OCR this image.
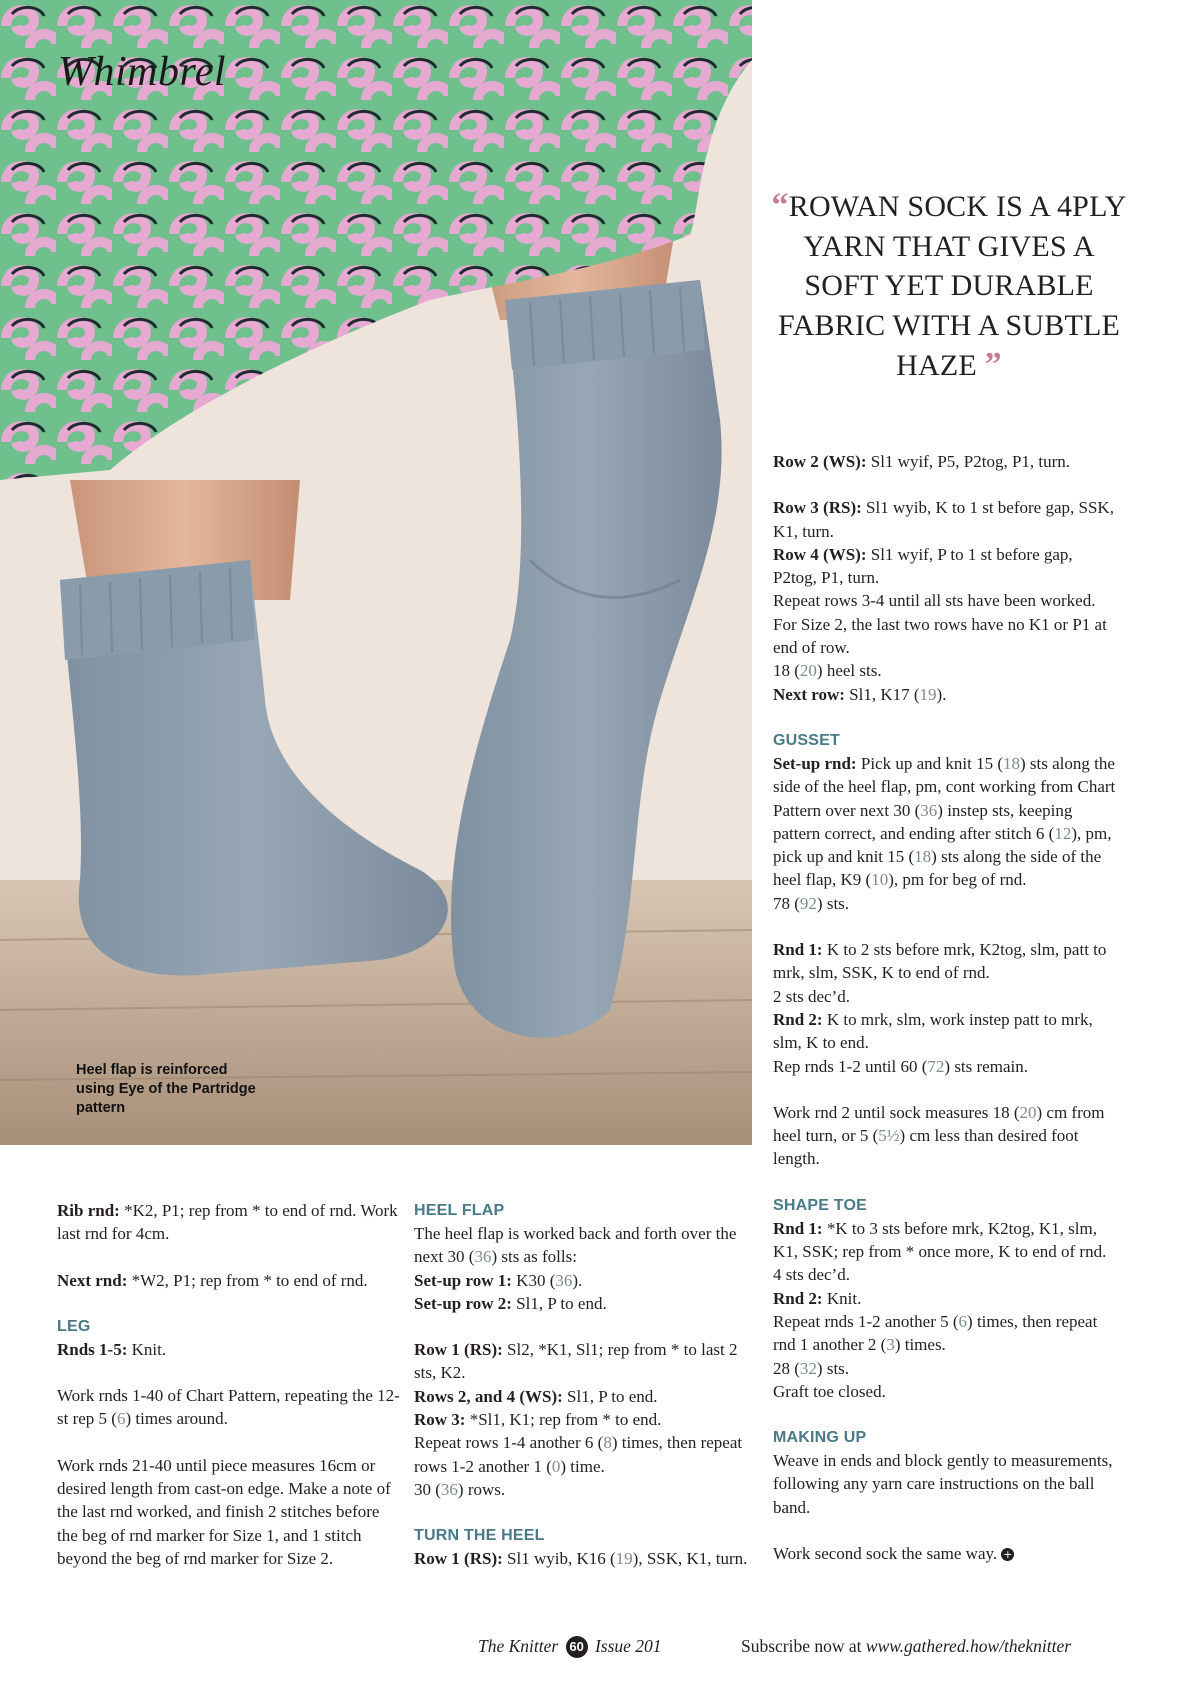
Whimbrel
Heel flap is reinforced using Eye of the Partridge pattern
“ROWAN SOCK IS A 4PLY YARN THAT GIVES A SOFT YET DURABLE FABRIC WITH A SUBTLE HAZE ”

Rib rnd: *K2, P1; rep from * to end of rnd. Work last rnd for 4cm.

Next rnd: *W2, P1; rep from * to end of rnd.

LEG

Rnds 1-5: Knit.

Work rnds 1-40 of Chart Pattern, repeating the 12-st rep 5 (6) times around.

Work rnds 21-40 until piece measures 16cm or desired length from cast-on edge. Make a note of the last rnd worked, and finish 2 stitches before the beg of rnd marker for Size 1, and 1 stitch beyond the beg of rnd marker for Size 2.

HEEL FLAP

The heel flap is worked back and forth over the next 30 (36) sts as folls:

Set-up row 1: K30 (36).

Set-up row 2: Sl1, P to end.

Row 1 (RS): Sl2, *K1, Sl1; rep from * to last 2 sts, K2.

Rows 2, and 4 (WS): Sl1, P to end.

Row 3: *Sl1, K1; rep from * to end.

Repeat rows 1-4 another 6 (8) times, then repeat rows 1-2 another 1 (0) time.

30 (36) rows.

TURN THE HEEL

Row 1 (RS): Sl1 wyib, K16 (19), SSK, K1, turn.

Row 2 (WS): Sl1 wyif, P5, P2tog, P1, turn.

Row 3 (RS): Sl1 wyib, K to 1 st before gap, SSK, K1, turn.

Row 4 (WS): Sl1 wyif, P to 1 st before gap, P2tog, P1, turn.

Repeat rows 3-4 until all sts have been worked. For Size 2, the last two rows have no K1 or P1 at end of row.

18 (20) heel sts.

Next row: Sl1, K17 (19).

GUSSET

Set-up rnd: Pick up and knit 15 (18) sts along the side of the heel flap, pm, cont working from Chart Pattern over next 30 (36) instep sts, keeping pattern correct, and ending after stitch 6 (12), pm, pick up and knit 15 (18) sts along the side of the heel flap, K9 (10), pm for beg of rnd.

78 (92) sts.

Rnd 1: K to 2 sts before mrk, K2tog, slm, patt to mrk, slm, SSK, K to end of rnd.

2 sts dec’d.

Rnd 2: K to mrk, slm, work instep patt to mrk, slm, K to end.

Rep rnds 1-2 until 60 (72) sts remain.

Work rnd 2 until sock measures 18 (20) cm from heel turn, or 5 (5½) cm less than desired foot length.

SHAPE TOE

Rnd 1: *K to 3 sts before mrk, K2tog, K1, slm, K1, SSK; rep from * once more, K to end of rnd. 4 sts dec’d.

Rnd 2: Knit.

Repeat rnds 1-2 another 5 (6) times, then repeat rnd 1 another 2 (3) times.

28 (32) sts.

Graft toe closed.

MAKING UP

Weave in ends and block gently to measurements, following any yarn care instructions on the ball band.

Work second sock the same way. +

The Knitter 60 Issue 201	Subscribe now at www.gathered.how/theknitter
